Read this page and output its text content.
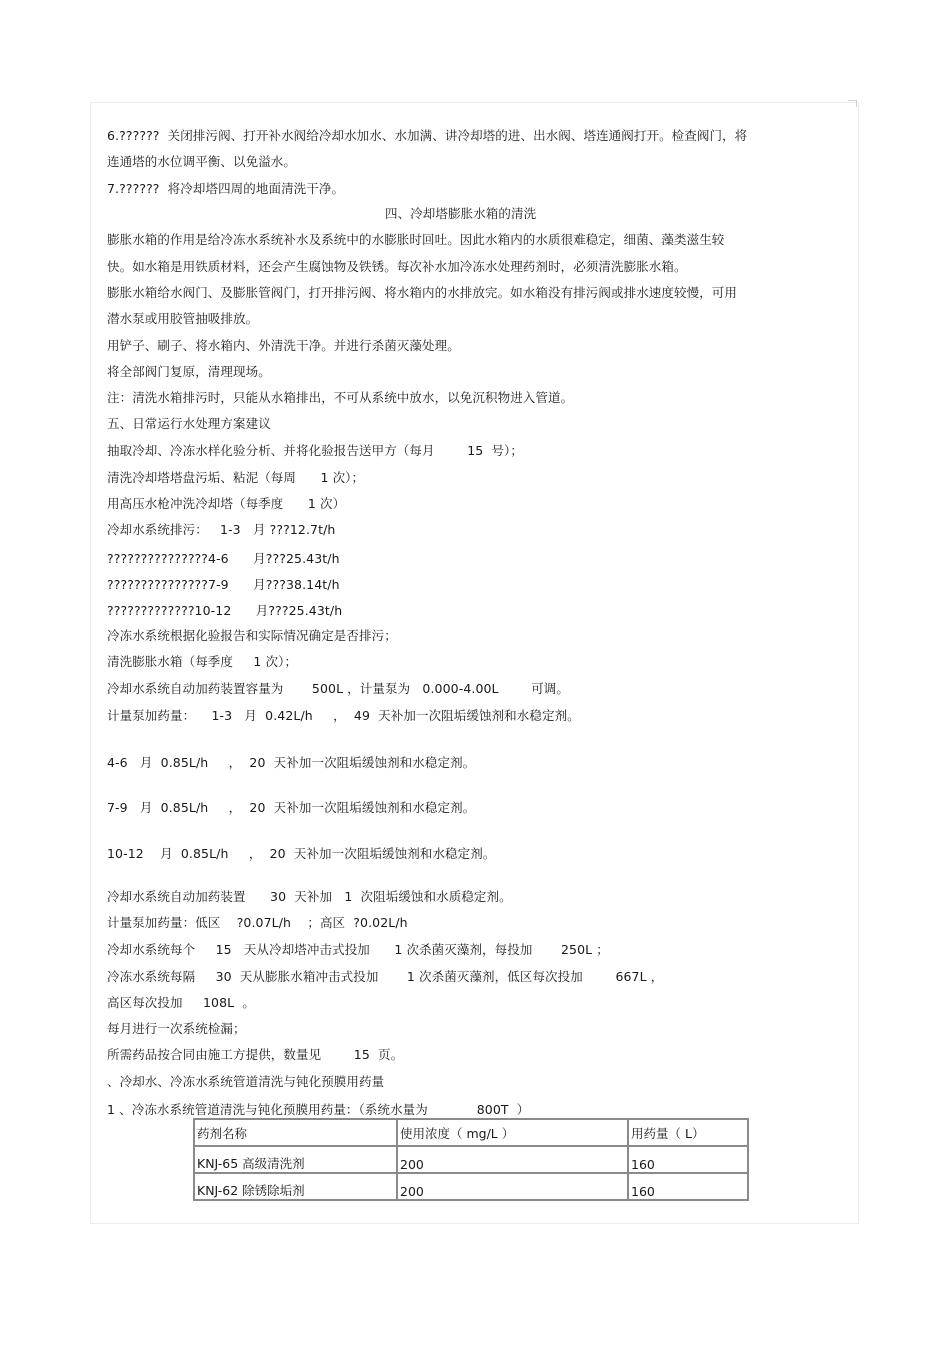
6.??????  关闭排污阀、打开补水阀给冷却水加水、水加满、讲冷却塔的进、出水阀、塔连通阀打开。检查阀门，将
连通塔的水位调平衡、以免溢水。
7.??????  将冷却塔四周的地面清洗干净。
四、冷却塔膨胀水箱的清洗
膨胀水箱的作用是给冷冻水系统补水及系统中的水膨胀时回吐。因此水箱内的水质很难稳定，细菌、藻类滋生较
快。如水箱是用铁质材料，还会产生腐蚀物及铁锈。每次补水加冷冻水处理药剂时，必须清洗膨胀水箱。
膨胀水箱给水阀门、及膨胀管阀门，打开排污阀、将水箱内的水排放完。如水箱没有排污阀或排水速度较慢，可用
潜水泵或用胶管抽吸排放。
用铲子、刷子、将水箱内、外清洗干净。并进行杀菌灭藻处理。
将全部阀门复原，清理现场。
注：清洗水箱排污时，只能从水箱排出，不可从系统中放水，以免沉积物进入管道。
五、日常运行水处理方案建议
抽取冷却、冷冻水样化验分析、并将化验报告送甲方（每月        15  号）；
清洗冷却塔塔盘污垢、粘泥（每周      1 次）；
用高压水枪冲洗冷却塔（每季度      1 次）
冷却水系统排污：   1-3   月 ???12.7t/h
???????????????4-6      月???25.43t/h
???????????????7-9      月???38.14t/h
?????????????10-12      月???25.43t/h
冷冻水系统根据化验报告和实际情况确定是否排污；
清洗膨胀水箱（每季度     1 次）；
冷却水系统自动加药装置容量为       500L ，计量泵为   0.000-4.00L        可调。
计量泵加药量：    1-3   月  0.42L/h     ，  49  天补加一次阻垢缓蚀剂和水稳定剂。
4-6   月  0.85L/h     ，  20  天补加一次阻垢缓蚀剂和水稳定剂。
7-9   月  0.85L/h     ，  20  天补加一次阻垢缓蚀剂和水稳定剂。
10-12    月  0.85L/h     ，  20  天补加一次阻垢缓蚀剂和水稳定剂。
冷却水系统自动加药装置      30  天补加   1  次阻垢缓蚀和水质稳定剂。
计量泵加药量：低区    ?0.07L/h    ；高区  ?0.02L/h
冷却水系统每个     15   天从冷却塔冲击式投加      1 次杀菌灭藻剂，每投加       250L ；
冷冻水系统每隔     30  天从膨胀水箱冲击式投加       1 次杀菌灭藻剂，低区每次投加        667L ，
高区每次投加     108L  。
每月进行一次系统检漏；
所需药品按合同由施工方提供，数量见        15  页。
、冷却水、冷冻水系统管道清洗与钝化预膜用药量
1 、冷冻水系统管道清洗与钝化预膜用药量：（系统水量为            800T  ）
药剂名称	使用浓度（ mg/L ）	用药量（ L）
KNJ-65 高级清洗剂	200	160
KNJ-62 除锈除垢剂	200	160
